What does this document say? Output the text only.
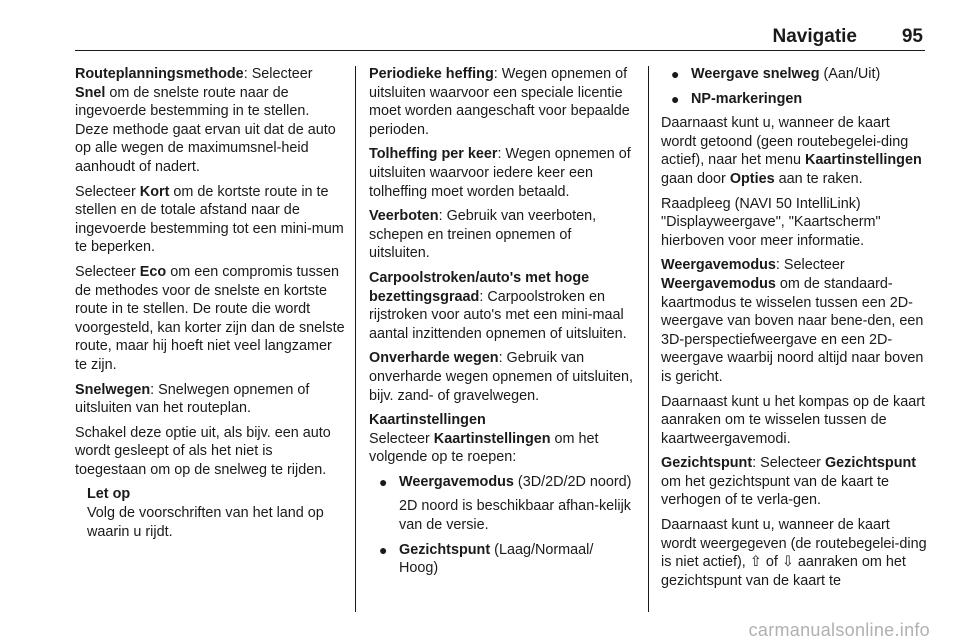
Navigatie 95

Routeplanningsmethode: Selecteer Snel om de snelste route naar de ingevoerde bestemming in te stellen. Deze methode gaat ervan uit dat de auto op alle wegen de maximumsnel-heid aanhoudt of nadert.

Selecteer Kort om de kortste route in te stellen en de totale afstand naar de ingevoerde bestemming tot een mini-mum te beperken.

Selecteer Eco om een compromis tussen de methodes voor de snelste en kortste route in te stellen. De route die wordt voorgesteld, kan korter zijn dan de snelste route, maar hij hoeft niet veel langzamer te zijn.

Snelwegen: Snelwegen opnemen of uitsluiten van het routeplan.

Schakel deze optie uit, als bijv. een auto wordt gesleept of als het niet is toegestaan om op de snelweg te rijden.

Let op
Volg de voorschriften van het land op waarin u rijdt.

Periodieke heffing: Wegen opnemen of uitsluiten waarvoor een speciale licentie moet worden aangeschaft voor bepaalde perioden.

Tolheffing per keer: Wegen opnemen of uitsluiten waarvoor iedere keer een tolheffing moet worden betaald.

Veerboten: Gebruik van veerboten, schepen en treinen opnemen of uitsluiten.

Carpoolstroken/auto's met hoge bezettingsgraad: Carpoolstroken en rijstroken voor auto's met een mini-maal aantal inzittenden opnemen of uitsluiten.

Onverharde wegen: Gebruik van onverharde wegen opnemen of uitsluiten, bijv. zand- of gravelwegen.

Kaartinstellingen

Selecteer Kaartinstellingen om het volgende op te roepen:

● Weergavemodus (3D/2D/2D noord)
2D noord is beschikbaar afhan-kelijk van de versie.
● Gezichtspunt (Laag/Normaal/ Hoog)
● Weergave snelweg (Aan/Uit)
● NP-markeringen

Daarnaast kunt u, wanneer de kaart wordt getoond (geen routebegelei-ding actief), naar het menu Kaartinstellingen gaan door Opties aan te raken.

Raadpleeg (NAVI 50 IntelliLink) "Displayweergave", "Kaartscherm" hierboven voor meer informatie.

Weergavemodus: Selecteer Weergavemodus om de standaard-kaartmodus te wisselen tussen een 2D-weergave van boven naar bene-den, een 3D-perspectiefweergave en een 2D-weergave waarbij noord altijd naar boven is gericht.

Daarnaast kunt u het kompas op de kaart aanraken om te wisselen tussen de kaartweergavemodi.

Gezichtspunt: Selecteer Gezichtspunt om het gezichtspunt van de kaart te verhogen of te verla-gen.

Daarnaast kunt u, wanneer de kaart wordt weergegeven (de routebegelei-ding is niet actief), ⇧ of ⇩ aanraken om het gezichtspunt van de kaart te

carmanualsonline.info
